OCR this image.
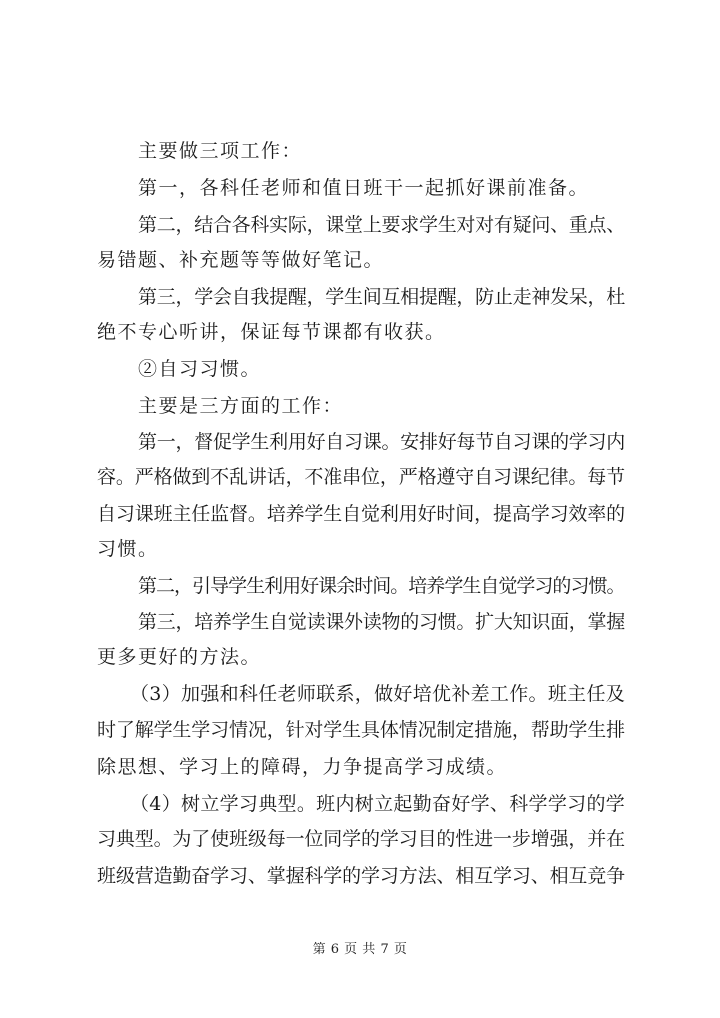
主要做三项工作：
第一，各科任老师和值日班干一起抓好课前准备。
第二，结合各科实际，课堂上要求学生对对有疑问、重点、
易错题、补充题等等做好笔记。
第三，学会自我提醒，学生间互相提醒，防止走神发呆，杜
绝不专心听讲，保证每节课都有收获。
②自习习惯。
主要是三方面的工作：
第一，督促学生利用好自习课。安排好每节自习课的学习内
容。严格做到不乱讲话，不准串位，严格遵守自习课纪律。每节
自习课班主任监督。培养学生自觉利用好时间，提高学习效率的
习惯。
第二，引导学生利用好课余时间。培养学生自觉学习的习惯。
第三，培养学生自觉读课外读物的习惯。扩大知识面，掌握
更多更好的方法。
（3）加强和科任老师联系，做好培优补差工作。班主任及
时了解学生学习情况，针对学生具体情况制定措施，帮助学生排
除思想、学习上的障碍，力争提高学习成绩。
（4）树立学习典型。班内树立起勤奋好学、科学学习的学
习典型。为了使班级每一位同学的学习目的性进一步增强，并在
班级营造勤奋学习、掌握科学的学习方法、相互学习、相互竞争
第 6 页 共 7 页
